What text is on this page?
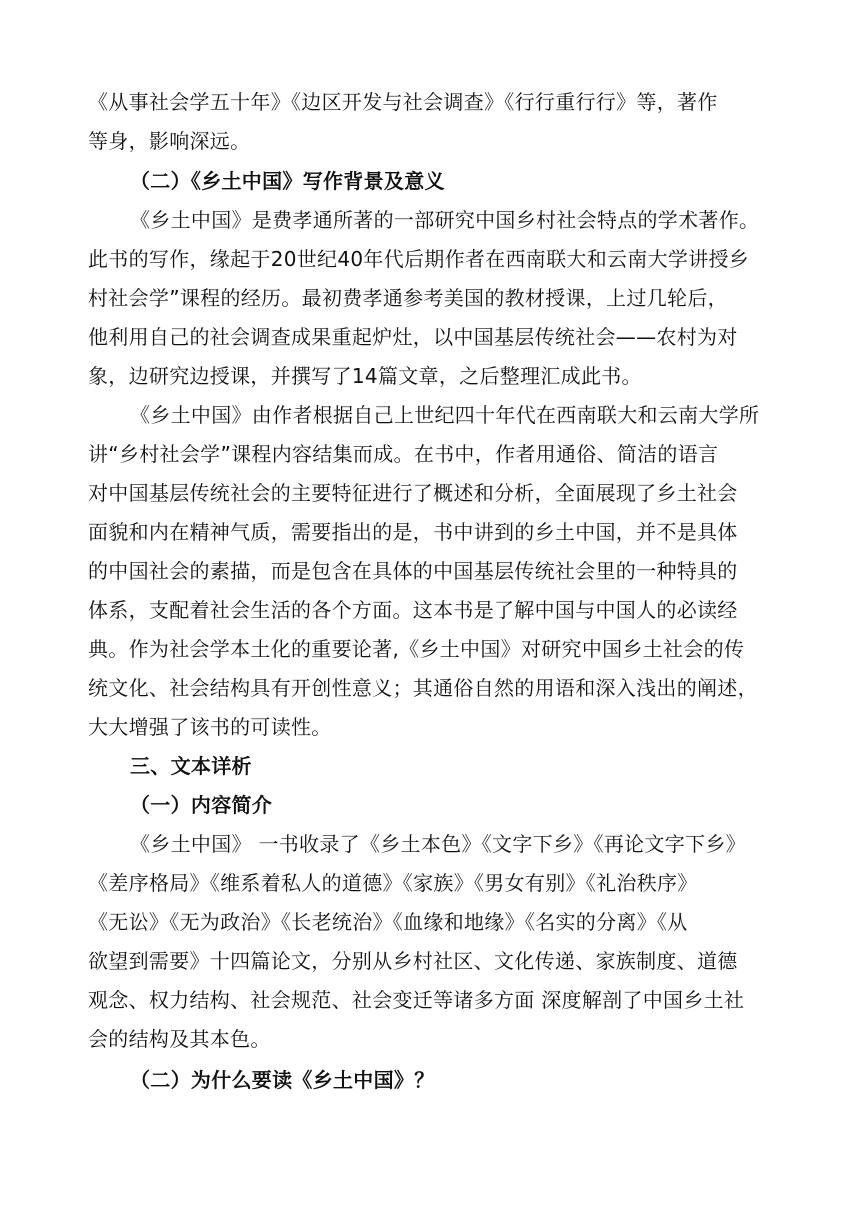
《从事社会学五十年》《边区开发与社会调查》《行行重行行》等，著作
等身，影响深远。
（二）《乡土中国》写作背景及意义
《乡土中国》是费孝通所著的一部研究中国乡村社会特点的学术著作。
此书的写作，缘起于20世纪40年代后期作者在西南联大和云南大学讲授乡
村社会学”课程的经历。最初费孝通参考美国的教材授课，上过几轮后，
他利用自己的社会调查成果重起炉灶，以中国基层传统社会——农村为对
象，边研究边授课，并撰写了14篇文章，之后整理汇成此书。
《乡土中国》由作者根据自己上世纪四十年代在西南联大和云南大学所
讲“乡村社会学”课程内容结集而成。在书中，作者用通俗、简洁的语言
对中国基层传统社会的主要特征进行了概述和分析，全面展现了乡土社会
面貌和内在精神气质，需要指出的是，书中讲到的乡土中国，并不是具体
的中国社会的素描，而是包含在具体的中国基层传统社会里的一种特具的
体系，支配着社会生活的各个方面。这本书是了解中国与中国人的必读经
典。作为社会学本土化的重要论著,《乡土中国》对研究中国乡土社会的传
统文化、社会结构具有开创性意义；其通俗自然的用语和深入浅出的阐述，
大大增强了该书的可读性。
三、文本详析
（一）内容简介
《乡土中国》 一书收录了《乡土本色》《文字下乡》《再论文字下乡》
《差序格局》《维系着私人的道德》《家族》《男女有别》《礼治秩序》
《无讼》《无为政治》《长老统治》《血缘和地缘》《名实的分离》《从
欲望到需要》十四篇论文，分别从乡村社区、文化传递、家族制度、道德
观念、权力结构、社会规范、社会变迁等诸多方面 深度解剖了中国乡土社
会的结构及其本色。
（二）为什么要读《乡土中国》？
